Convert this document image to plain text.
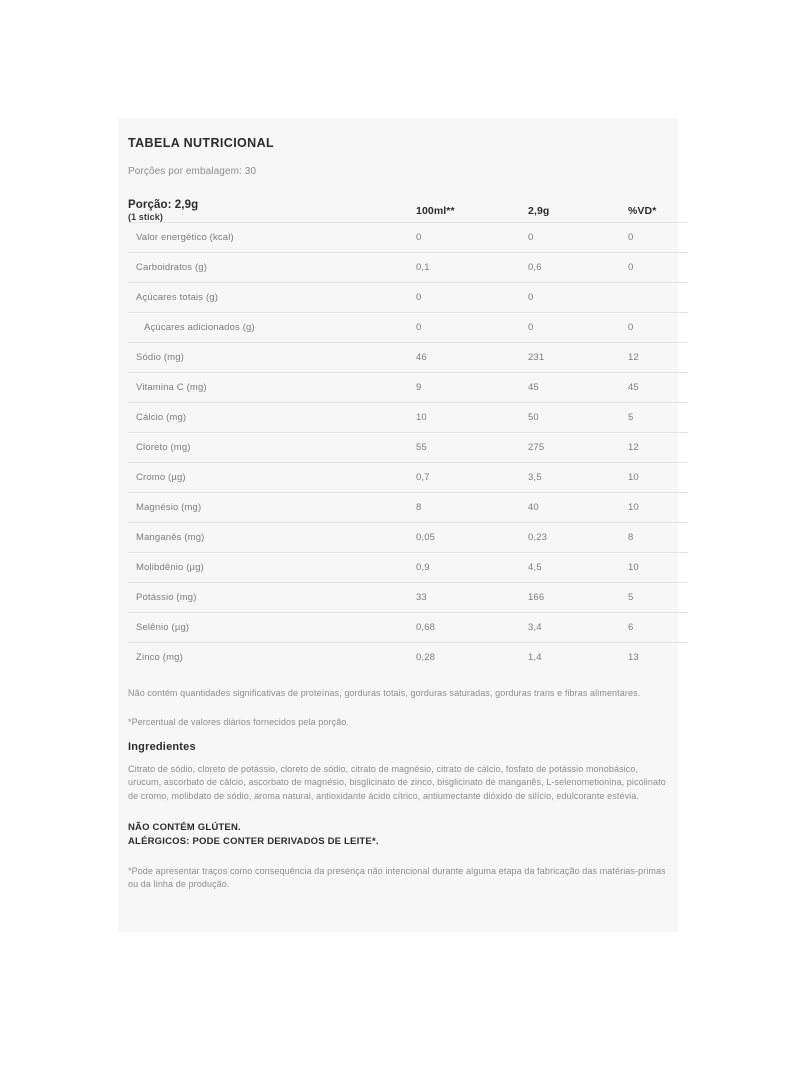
TABELA NUTRICIONAL
Porções por embalagem: 30
Porção: 2,9g
(1 stick)	100ml**	2,9g	%VD*
Valor energético (kcal)	0	0	0
Carboidratos (g)	0,1	0,6	0
Açúcares totais (g)	0	0	
Açúcares adicionados (g)	0	0	0
Sódio (mg)	46	231	12
Vitamina C (mg)	9	45	45
Cálcio (mg)	10	50	5
Cloreto (mg)	55	275	12
Cromo (µg)	0,7	3,5	10
Magnésio (mg)	8	40	10
Manganês (mg)	0,05	0,23	8
Molibdênio (µg)	0,9	4,5	10
Potássio (mg)	33	166	5
Selênio (µg)	0,68	3,4	6
Zinco (mg)	0,28	1,4	13

Não contém quantidades significativas de proteínas, gorduras totais, gorduras saturadas, gorduras trans e fibras alimentares.

*Percentual de valores diários fornecidos pela porção.

Ingredientes

Citrato de sódio, cloreto de potássio, cloreto de sódio, citrato de magnésio, citrato de cálcio, fosfato de potássio monobásico, urucum, ascorbato de cálcio, ascorbato de magnésio, bisglicinato de zinco, bisglicinato de manganês, L-selenometionina, picolinato de cromo, molibdato de sódio, aroma natural, antioxidante ácido cítrico, antiumectante dióxido de silício, edulcorante estévia.

NÃO CONTÉM GLÚTEN.
ALÉRGICOS: PODE CONTER DERIVADOS DE LEITE*.

*Pode apresentar traços como consequência da presença não intencional durante alguma etapa da fabricação das matérias-primas ou da linha de produção.
